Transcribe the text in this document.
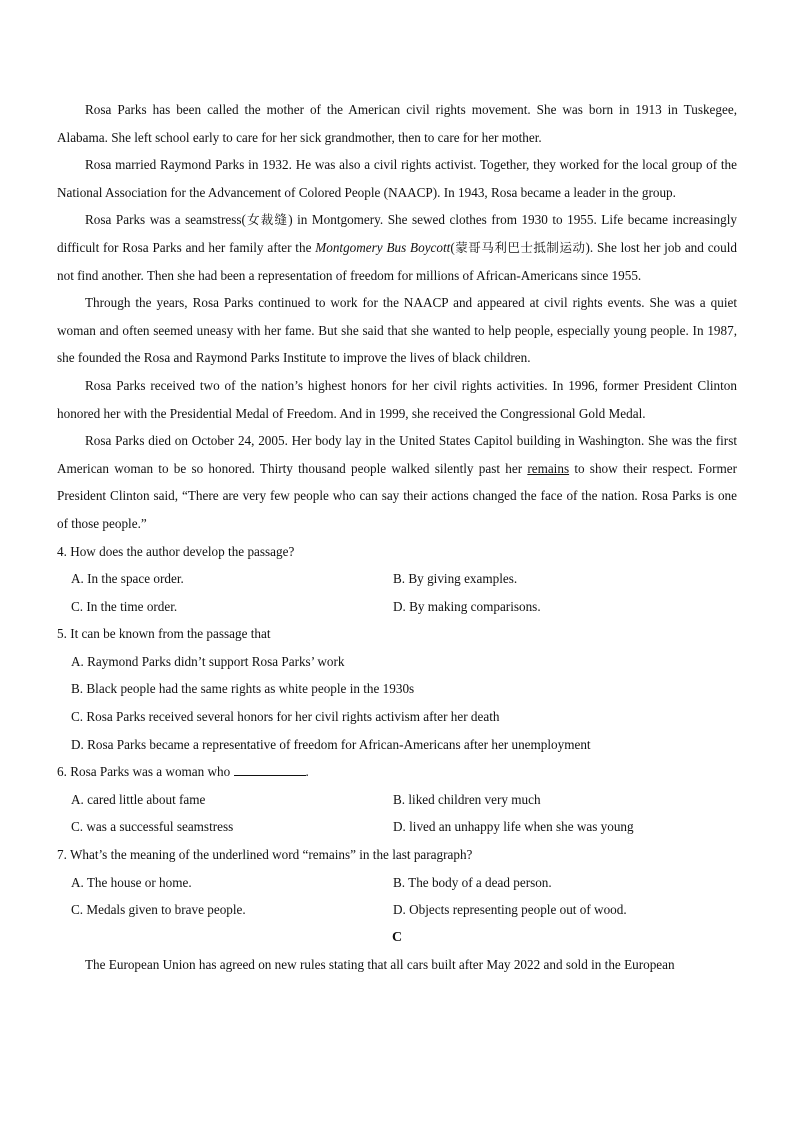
Rosa Parks has been called the mother of the American civil rights movement. She was born in 1913 in Tuskegee, Alabama. She left school early to care for her sick grandmother, then to care for her mother.

Rosa married Raymond Parks in 1932. He was also a civil rights activist. Together, they worked for the local group of the National Association for the Advancement of Colored People (NAACP). In 1943, Rosa became a leader in the group.

Rosa Parks was a seamstress(女裁缝) in Montgomery. She sewed clothes from 1930 to 1955. Life became increasingly difficult for Rosa Parks and her family after the Montgomery Bus Boycott(蒙哥马利巴士抵制运动). She lost her job and could not find another. Then she had been a representation of freedom for millions of African-Americans since 1955.

Through the years, Rosa Parks continued to work for the NAACP and appeared at civil rights events. She was a quiet woman and often seemed uneasy with her fame. But she said that she wanted to help people, especially young people. In 1987, she founded the Rosa and Raymond Parks Institute to improve the lives of black children.

Rosa Parks received two of the nation’s highest honors for her civil rights activities. In 1996, former President Clinton honored her with the Presidential Medal of Freedom. And in 1999, she received the Congressional Gold Medal.

Rosa Parks died on October 24, 2005. Her body lay in the United States Capitol building in Washington. She was the first American woman to be so honored. Thirty thousand people walked silently past her remains to show their respect. Former President Clinton said, “There are very few people who can say their actions changed the face of the nation. Rosa Parks is one of those people.”

4. How does the author develop the passage?

A. In the space order.	B. By giving examples.
C. In the time order.	D. By making comparisons.

5. It can be known from the passage that

A. Raymond Parks didn’t support Rosa Parks’ work
B. Black people had the same rights as white people in the 1930s
C. Rosa Parks received several honors for her civil rights activism after her death
D. Rosa Parks became a representative of freedom for African-Americans after her unemployment

6. Rosa Parks was a woman who	.

A. cared little about fame	B. liked children very much
C. was a successful seamstress	D. lived an unhappy life when she was young

7. What’s the meaning of the underlined word “remains” in the last paragraph?

A. The house or home.	B. The body of a dead person.
C. Medals given to brave people.	D. Objects representing people out of wood.

C

The European Union has agreed on new rules stating that all cars built after May 2022 and sold in the European
